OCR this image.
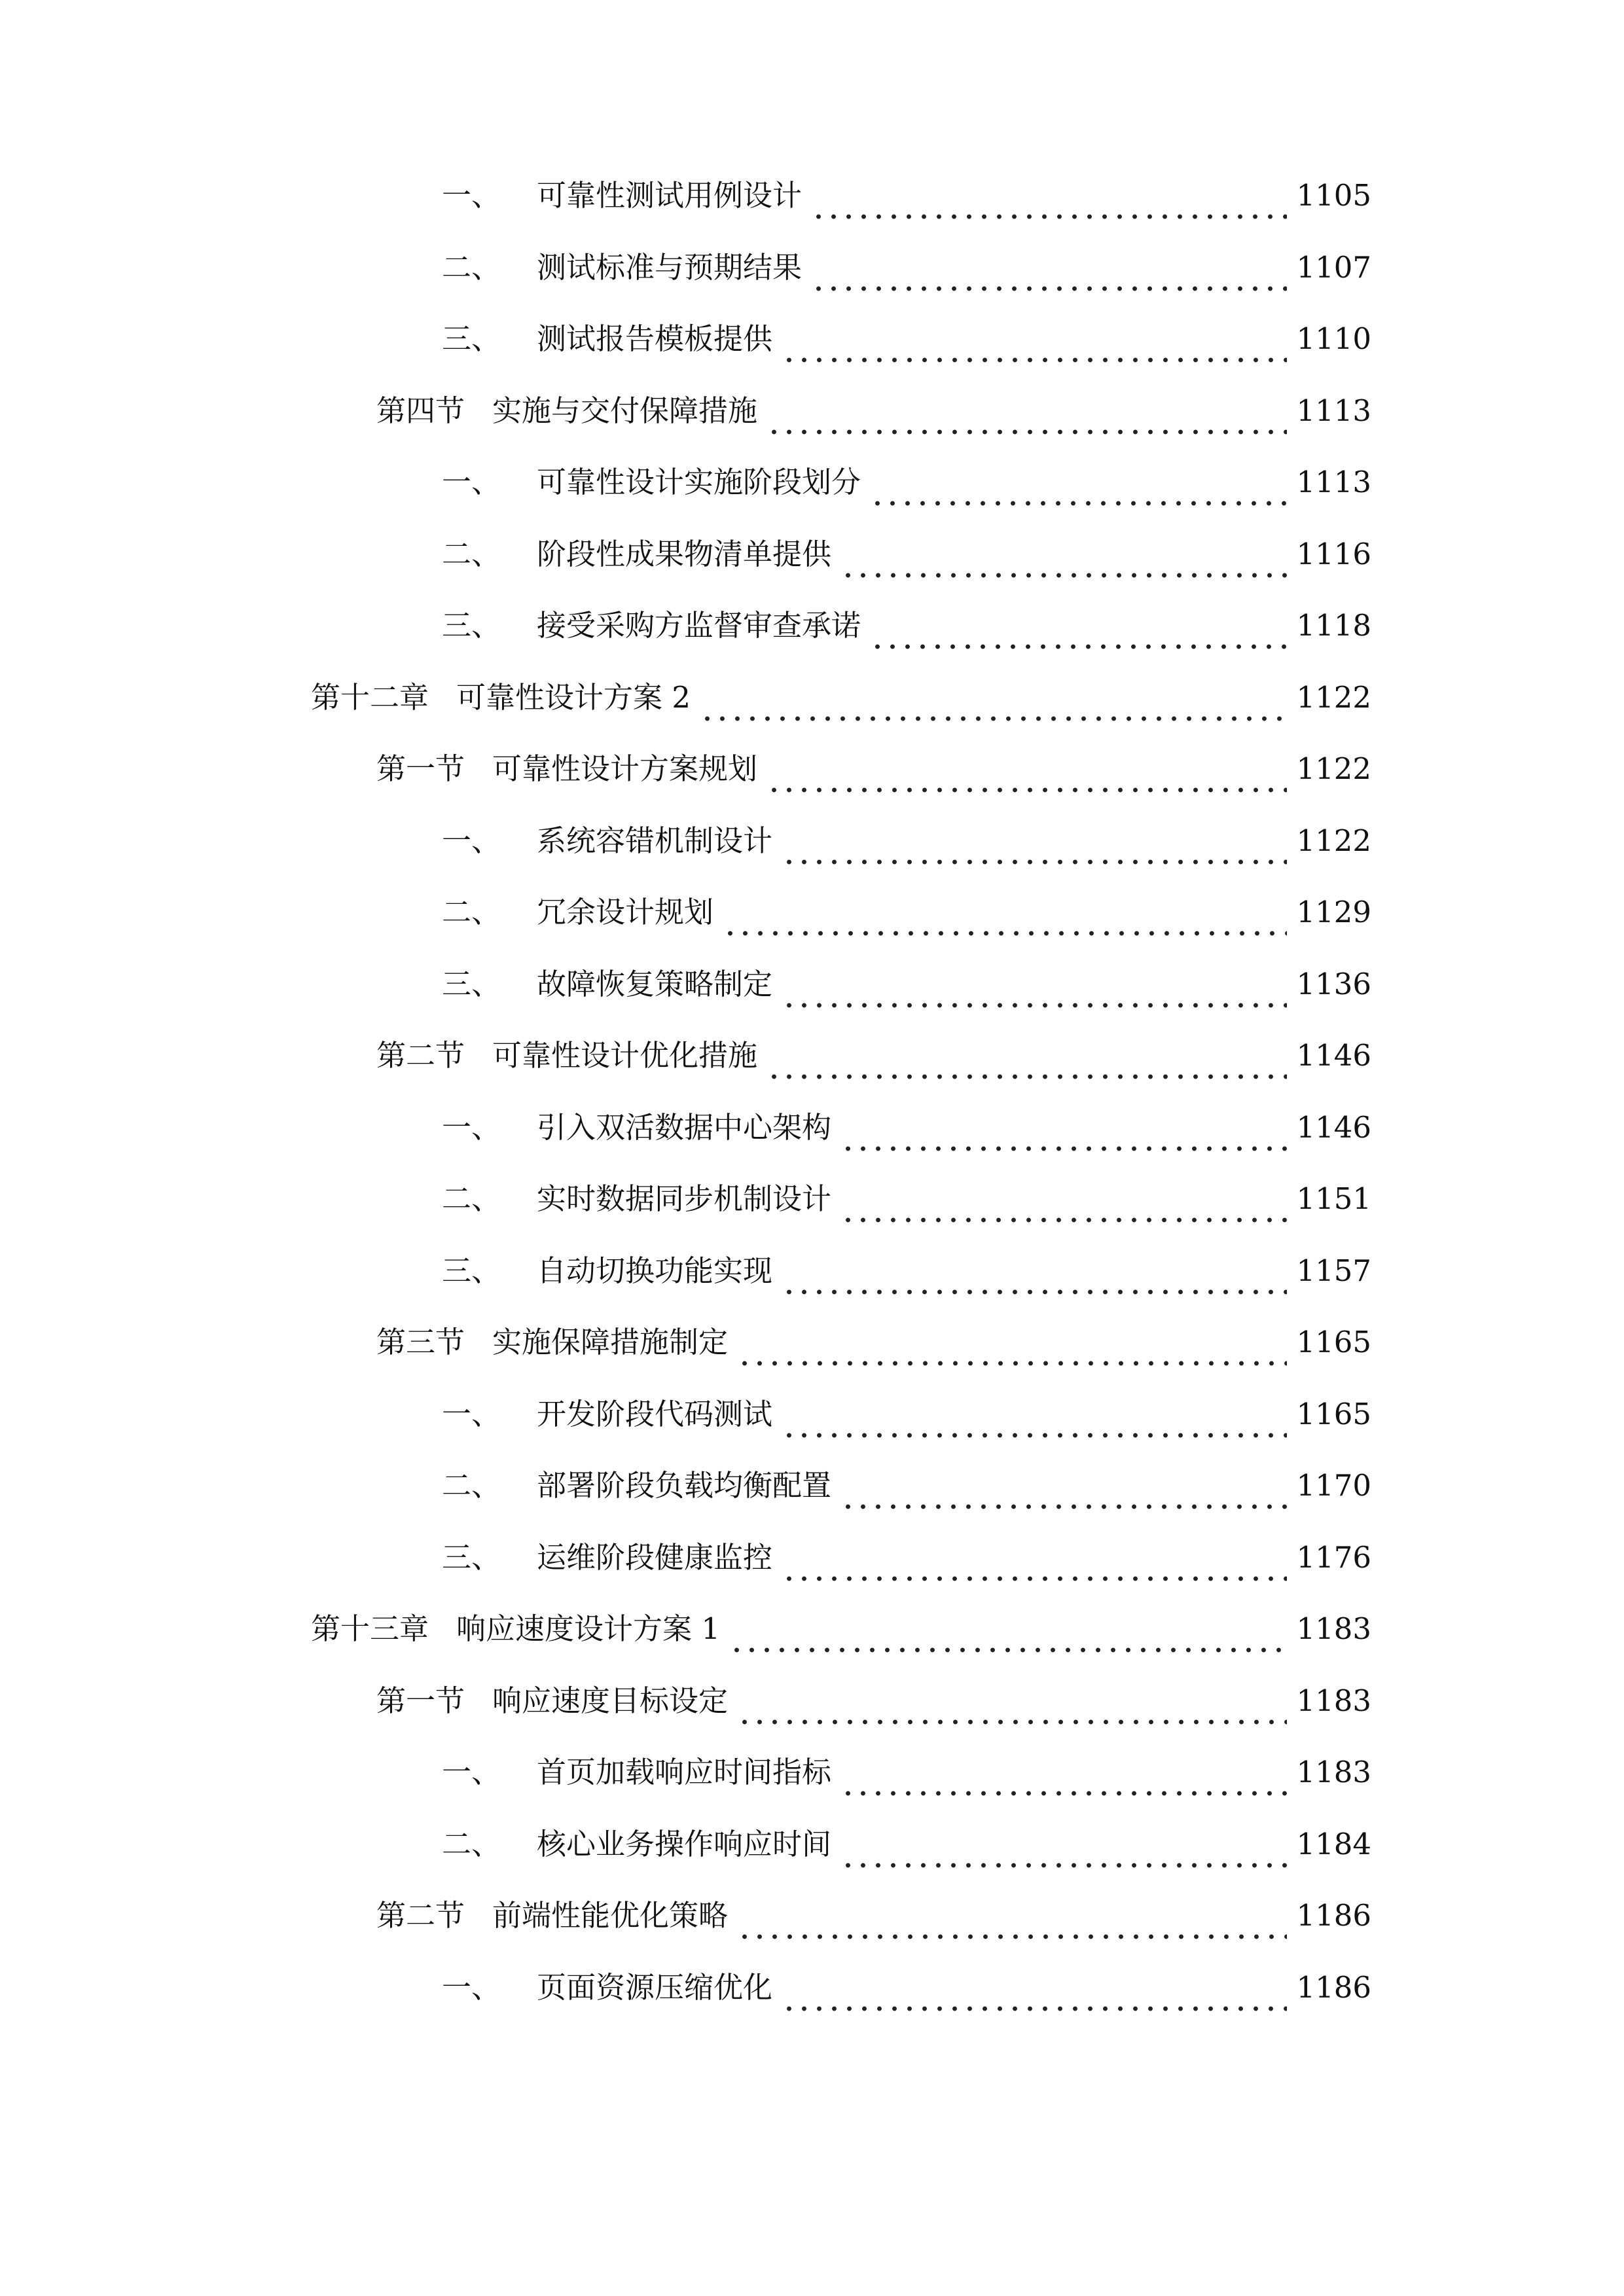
一、 可靠性测试用例设计	1105
二、 测试标准与预期结果	1107
三、 测试报告模板提供	1110
第四节 实施与交付保障措施	1113
一、 可靠性设计实施阶段划分	1113
二、 阶段性成果物清单提供	1116
三、 接受采购方监督审查承诺	1118
第十二章 可靠性设计方案 2	1122
第一节 可靠性设计方案规划	1122
一、 系统容错机制设计	1122
二、 冗余设计规划	1129
三、 故障恢复策略制定	1136
第二节 可靠性设计优化措施	1146
一、 引入双活数据中心架构	1146
二、 实时数据同步机制设计	1151
三、 自动切换功能实现	1157
第三节 实施保障措施制定	1165
一、 开发阶段代码测试	1165
二、 部署阶段负载均衡配置	1170
三、 运维阶段健康监控	1176
第十三章 响应速度设计方案 1	1183
第一节 响应速度目标设定	1183
一、 首页加载响应时间指标	1183
二、 核心业务操作响应时间	1184
第二节 前端性能优化策略	1186
一、 页面资源压缩优化	1186
